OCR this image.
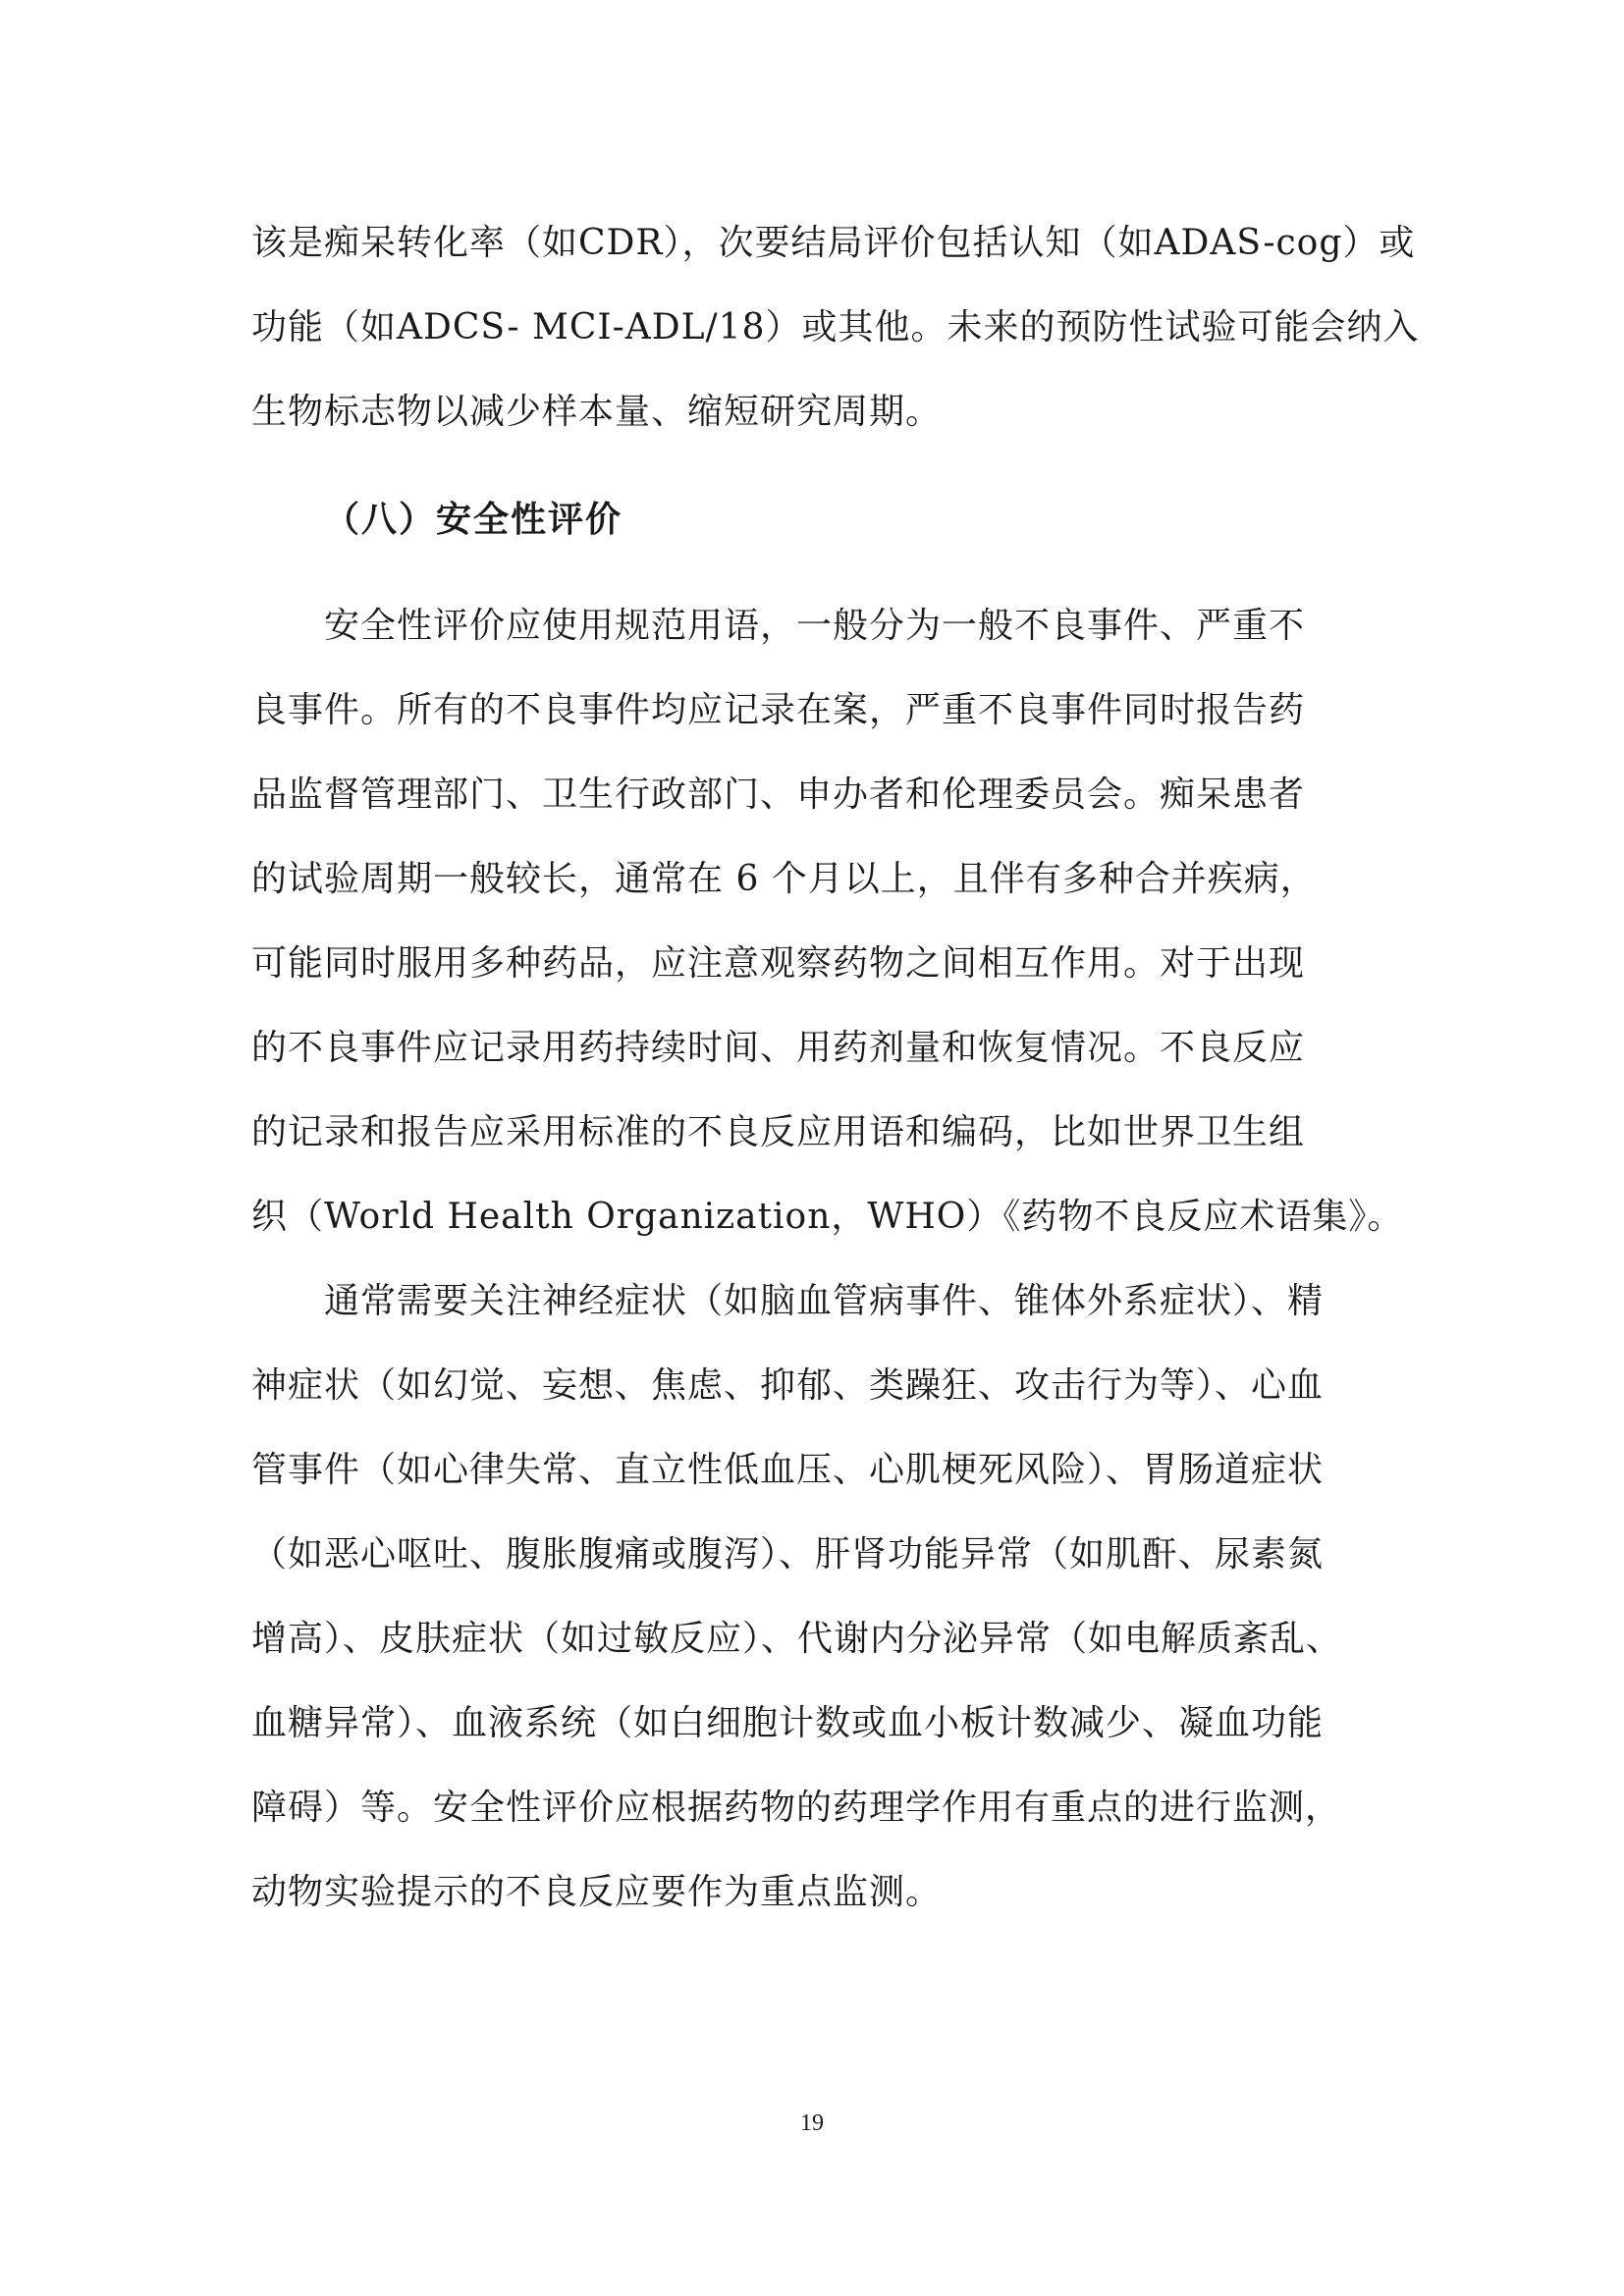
该是痴呆转化率（如CDR），次要结局评价包括认知（如ADAS-cog）或
功能（如ADCS- MCI-ADL/18）或其他。未来的预防性试验可能会纳入
生物标志物以减少样本量、缩短研究周期。
（八）安全性评价
安全性评价应使用规范用语，一般分为一般不良事件、严重不
良事件。所有的不良事件均应记录在案，严重不良事件同时报告药
品监督管理部门、卫生行政部门、申办者和伦理委员会。痴呆患者
的试验周期一般较长，通常在 6 个月以上，且伴有多种合并疾病，
可能同时服用多种药品，应注意观察药物之间相互作用。对于出现
的不良事件应记录用药持续时间、用药剂量和恢复情况。不良反应
的记录和报告应采用标准的不良反应用语和编码，比如世界卫生组
织（World Health Organization，WHO）《药物不良反应术语集》。
通常需要关注神经症状（如脑血管病事件、锥体外系症状）、精
神症状（如幻觉、妄想、焦虑、抑郁、类躁狂、攻击行为等）、心血
管事件（如心律失常、直立性低血压、心肌梗死风险）、胃肠道症状
（如恶心呕吐、腹胀腹痛或腹泻）、肝肾功能异常（如肌酐、尿素氮
增高）、皮肤症状（如过敏反应）、代谢内分泌异常（如电解质紊乱、
血糖异常）、血液系统（如白细胞计数或血小板计数减少、凝血功能
障碍）等。安全性评价应根据药物的药理学作用有重点的进行监测，
动物实验提示的不良反应要作为重点监测。
19
